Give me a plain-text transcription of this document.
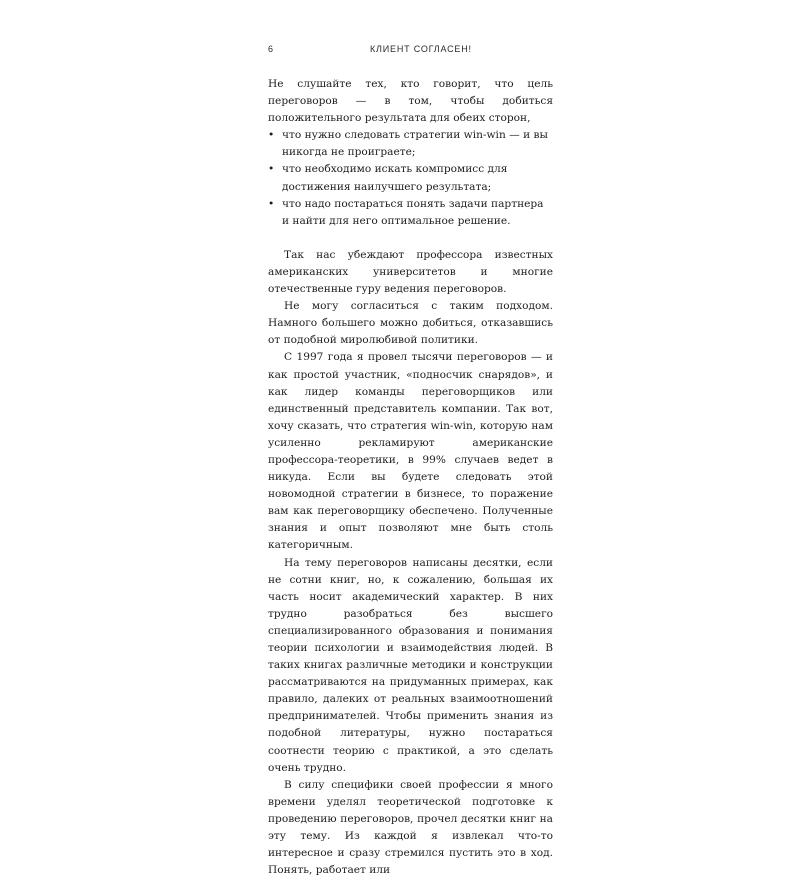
6	КЛИЕНТ СОГЛАСЕН!

Не слушайте тех, кто говорит, что цель переговоров — в том, чтобы добиться положительного результата для обеих сторон,

• что нужно следовать стратегии win-win — и вы никогда не проиграете;
• что необходимо искать компромисс для достижения наилучшего результата;
• что надо постараться понять задачи партнера и найти для него оптимальное решение.

Так нас убеждают профессора известных американских университетов и многие отечественные гуру ведения переговоров.

Не могу согласиться с таким подходом. Намного большего можно добиться, отказавшись от подобной миролюбивой политики.

С 1997 года я провел тысячи переговоров — и как простой участник, «подносчик снарядов», и как лидер команды переговорщиков или единственный представитель компании. Так вот, хочу сказать, что стратегия win-win, которую нам усиленно рекламируют американские профессора-теоретики, в 99% случаев ведет в никуда. Если вы будете следовать этой новомодной стратегии в бизнесе, то поражение вам как переговорщику обеспечено. Полученные знания и опыт позволяют мне быть столь категоричным.

На тему переговоров написаны десятки, если не сотни книг, но, к сожалению, большая их часть носит академический характер. В них трудно разобраться без высшего специализированного образования и понимания теории психологии и взаимодействия людей. В таких книгах различные методики и конструкции рассматриваются на придуманных примерах, как правило, далеких от реальных взаимоотношений предпринимателей. Чтобы применить знания из подобной литературы, нужно постараться соотнести теорию с практикой, а это сделать очень трудно.

В силу специфики своей профессии я много времени уделял теоретической подготовке к проведению переговоров, прочел десятки книг на эту тему. Из каждой я извлекал что-то интересное и сразу стремился пустить это в ход. Понять, работает или
